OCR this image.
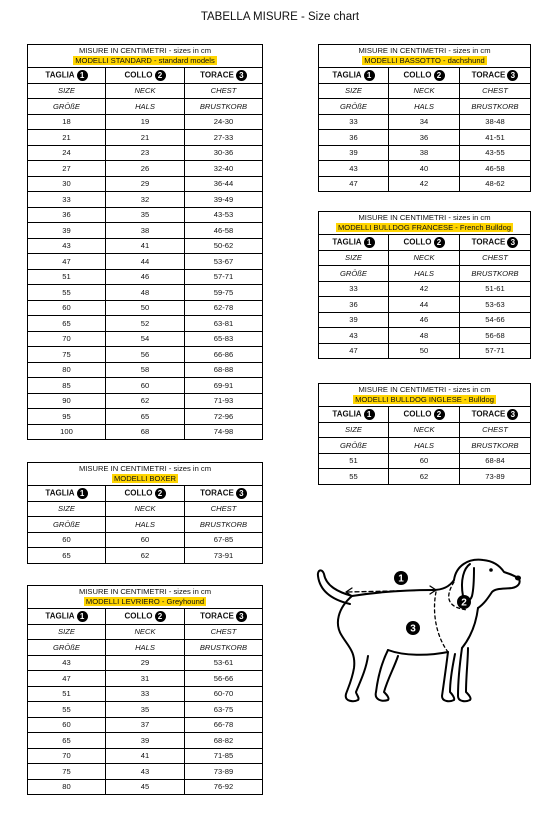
TABELLA MISURE - Size chart
MISURE IN CENTIMETRI - sizes in cm
MODELLI STANDARD - standard models		
TAGLIA 1	COLLO 2	TORACE 3
SIZE	NECK	CHEST
GRÖßE	HALS	BRUSTKORB
18	19	24-30
21	21	27-33
24	23	30-36
27	26	32-40
30	29	36-44
33	32	39-49
36	35	43-53
39	38	46-58
43	41	50-62
47	44	53-67
51	46	57-71
55	48	59-75
60	50	62-78
65	52	63-81
70	54	65-83
75	56	66-86
80	58	68-88
85	60	69-91
90	62	71-93
95	65	72-96
100	68	74-98
MISURE IN CENTIMETRI - sizes in cm
MODELLI BOXER		
TAGLIA 1	COLLO 2	TORACE 3
SIZE	NECK	CHEST
GRÖßE	HALS	BRUSTKORB
60	60	67-85
65	62	73-91
MISURE IN CENTIMETRI - sizes in cm
MODELLI LEVRIERO - Greyhound		
TAGLIA 1	COLLO 2	TORACE 3
SIZE	NECK	CHEST
GRÖßE	HALS	BRUSTKORB
43	29	53-61
47	31	56-66
51	33	60-70
55	35	63-75
60	37	66-78
65	39	68-82
70	41	71-85
75	43	73-89
80	45	76-92
MISURE IN CENTIMETRI - sizes in cm
MODELLI BASSOTTO - dachshund		
TAGLIA 1	COLLO 2	TORACE 3
SIZE	NECK	CHEST
GRÖßE	HALS	BRUSTKORB
33	34	38-48
36	36	41-51
39	38	43-55
43	40	46-58
47	42	48-62
MISURE IN CENTIMETRI - sizes in cm
MODELLI BULLDOG FRANCESE - French Bulldog		
TAGLIA 1	COLLO 2	TORACE 3
SIZE	NECK	CHEST
GRÖßE	HALS	BRUSTKORB
33	42	51-61
36	44	53-63
39	46	54-66
43	48	56-68
47	50	57-71
MISURE IN CENTIMETRI - sizes in cm
MODELLI BULLDOG INGLESE - Bulldog		
TAGLIA 1	COLLO 2	TORACE 3
SIZE	NECK	CHEST
GRÖßE	HALS	BRUSTKORB
51	60	68-84
55	62	73-89
1
2
3
